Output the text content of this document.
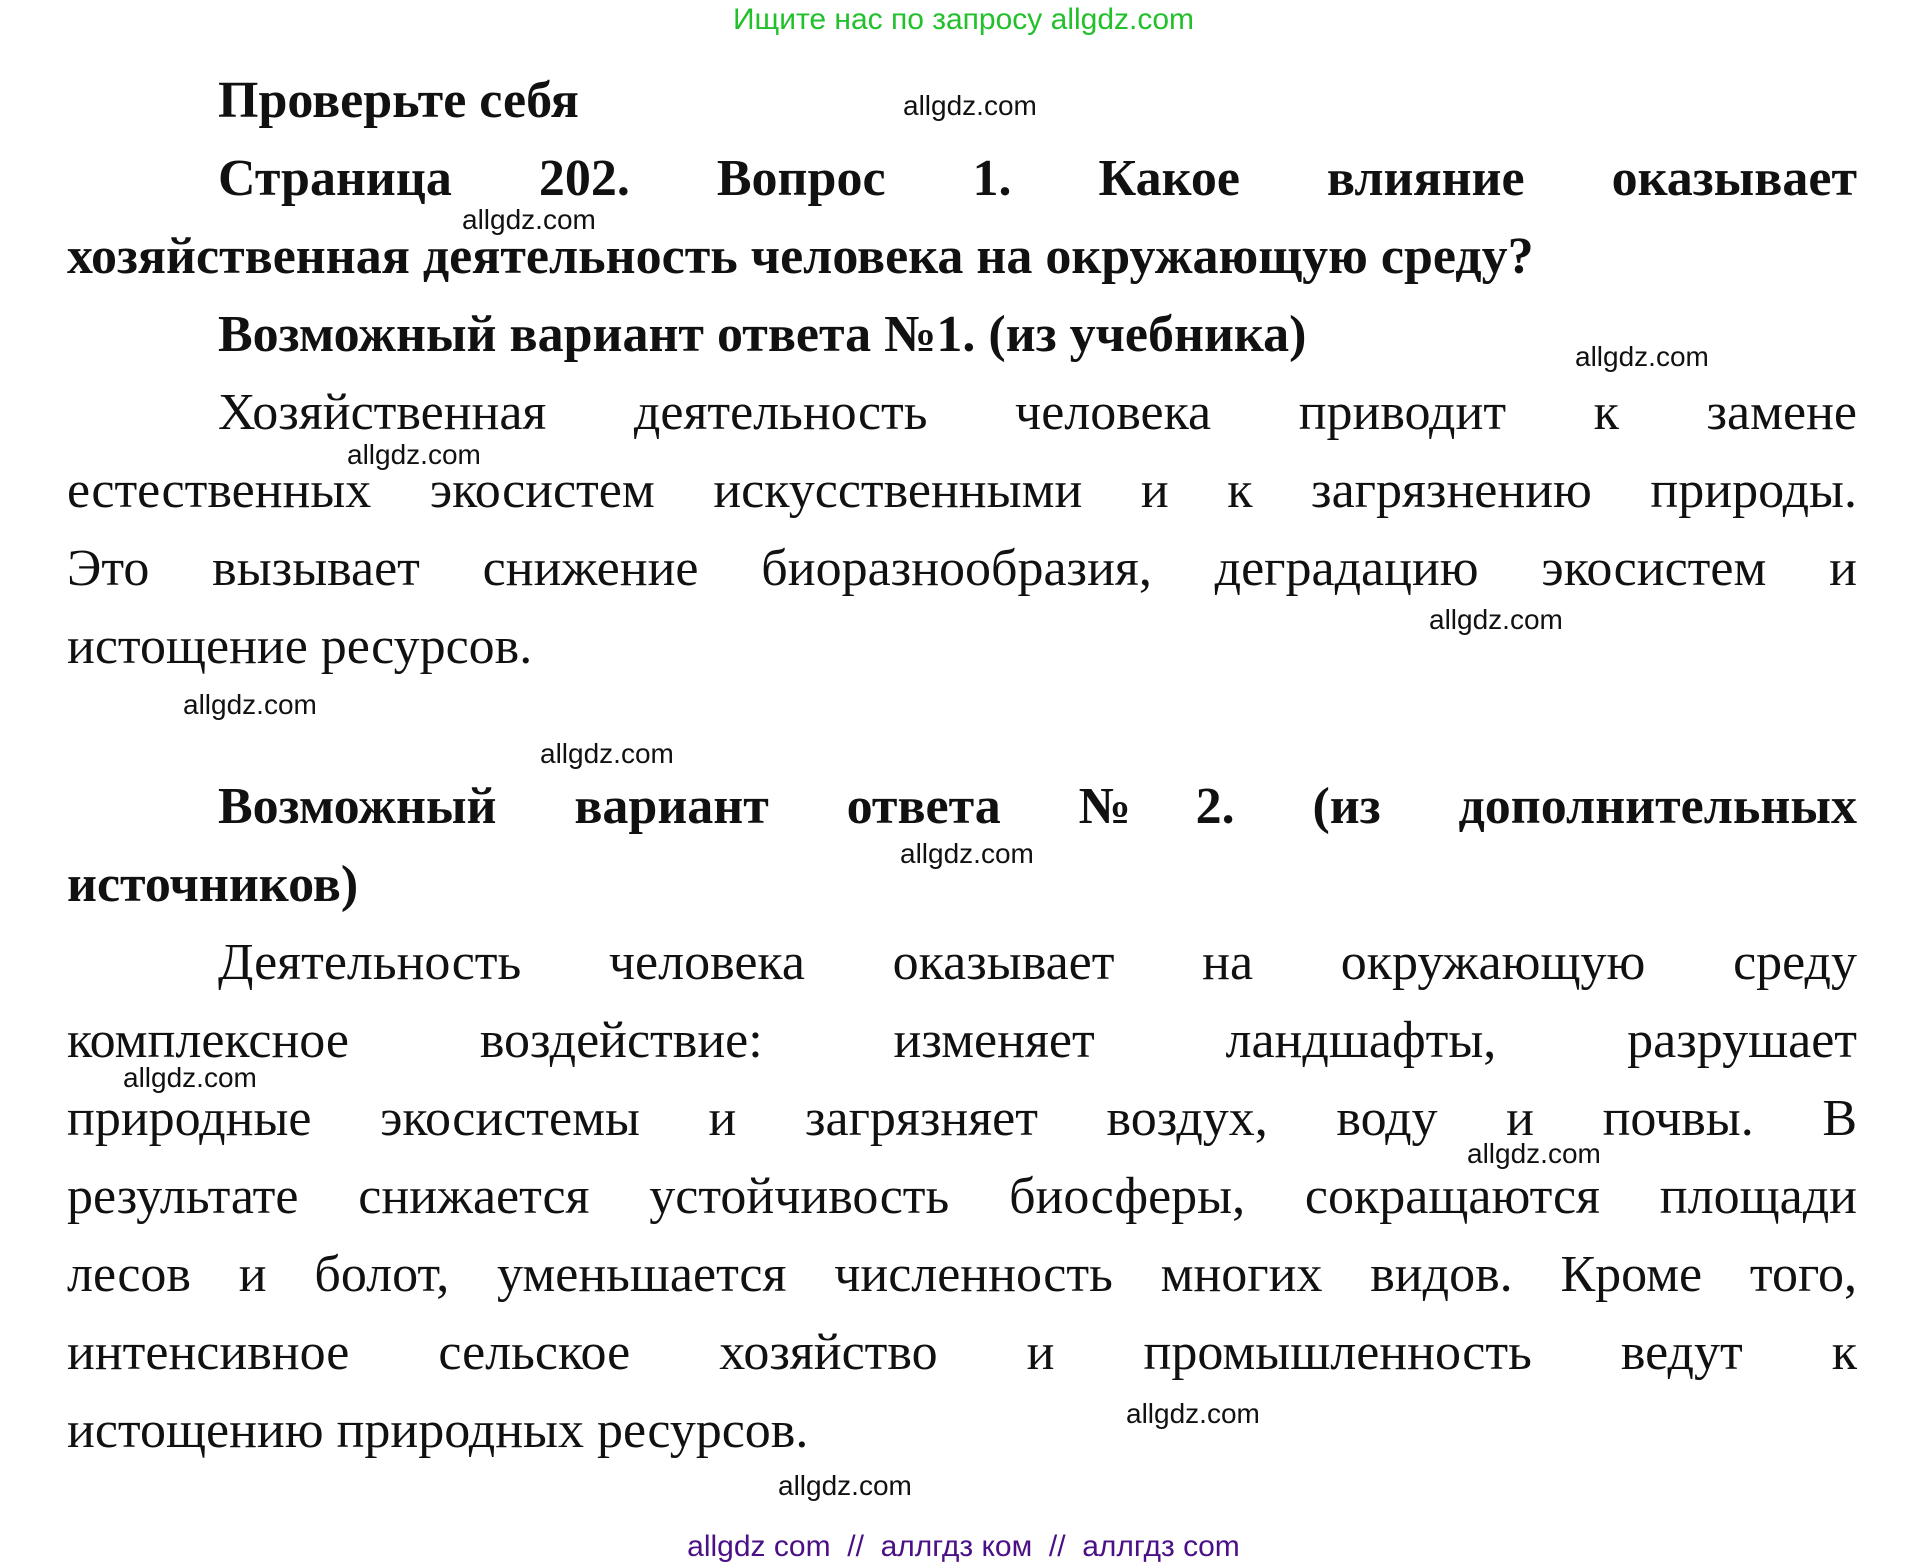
Ищите нас по запросу allgdz.com
Проверьте себя
Страница 202. Вопрос 1. Какое влияние оказывает
хозяйственная деятельность человека на окружающую среду?
Возможный вариант ответа №1. (из учебника)
Хозяйственная деятельность человека приводит к замене
естественных экосистем искусственными и к загрязнению природы.
Это вызывает снижение биоразнообразия, деградацию экосистем и
истощение ресурсов.
Возможный вариант ответа №2. (из дополнительных
источников)
Деятельность человека оказывает на окружающую среду
комплексное воздействие: изменяет ландшафты, разрушает
природные экосистемы и загрязняет воздух, воду и почвы. В
результате снижается устойчивость биосферы, сокращаются площади
лесов и болот, уменьшается численность многих видов. Кроме того,
интенсивное сельское хозяйство и промышленность ведут к
истощению природных ресурсов.
allgdz.com
allgdz.com
allgdz.com
allgdz.com
allgdz.com
allgdz.com
allgdz.com
allgdz.com
allgdz.com
allgdz.com
allgdz.com
allgdz.com
allgdz com  //  аллгдз ком  //  аллгдз com
